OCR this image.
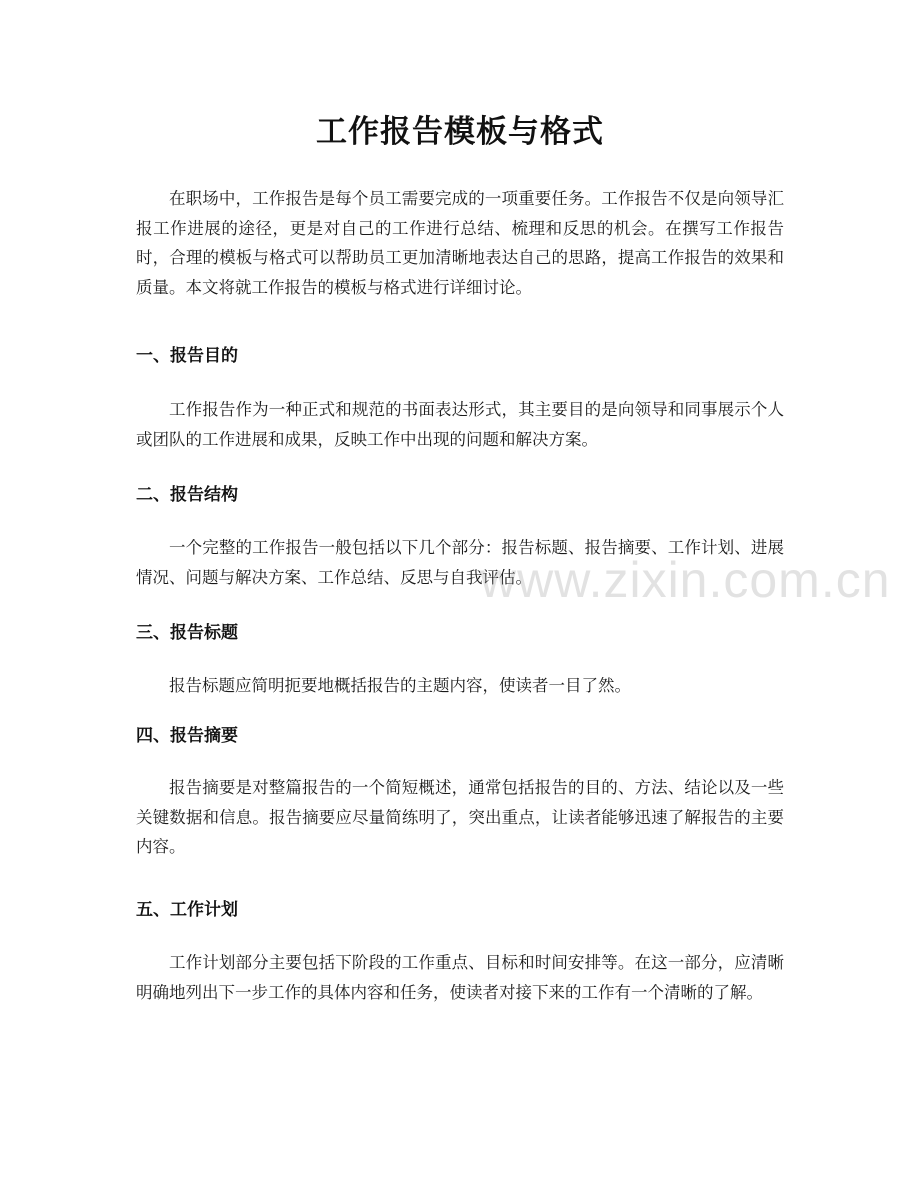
工作报告模板与格式

在职场中，工作报告是每个员工需要完成的一项重要任务。工作报告不仅是向领导汇报工作进展的途径，更是对自己的工作进行总结、梳理和反思的机会。在撰写工作报告时，合理的模板与格式可以帮助员工更加清晰地表达自己的思路，提高工作报告的效果和质量。本文将就工作报告的模板与格式进行详细讨论。

一、报告目的

工作报告作为一种正式和规范的书面表达形式，其主要目的是向领导和同事展示个人或团队的工作进展和成果，反映工作中出现的问题和解决方案。

二、报告结构

一个完整的工作报告一般包括以下几个部分：报告标题、报告摘要、工作计划、进展情况、问题与解决方案、工作总结、反思与自我评估。

三、报告标题

报告标题应简明扼要地概括报告的主题内容，使读者一目了然。

四、报告摘要

报告摘要是对整篇报告的一个简短概述，通常包括报告的目的、方法、结论以及一些关键数据和信息。报告摘要应尽量简练明了，突出重点，让读者能够迅速了解报告的主要内容。

五、工作计划

工作计划部分主要包括下阶段的工作重点、目标和时间安排等。在这一部分，应清晰明确地列出下一步工作的具体内容和任务，使读者对接下来的工作有一个清晰的了解。

www.zixin.com.cn
